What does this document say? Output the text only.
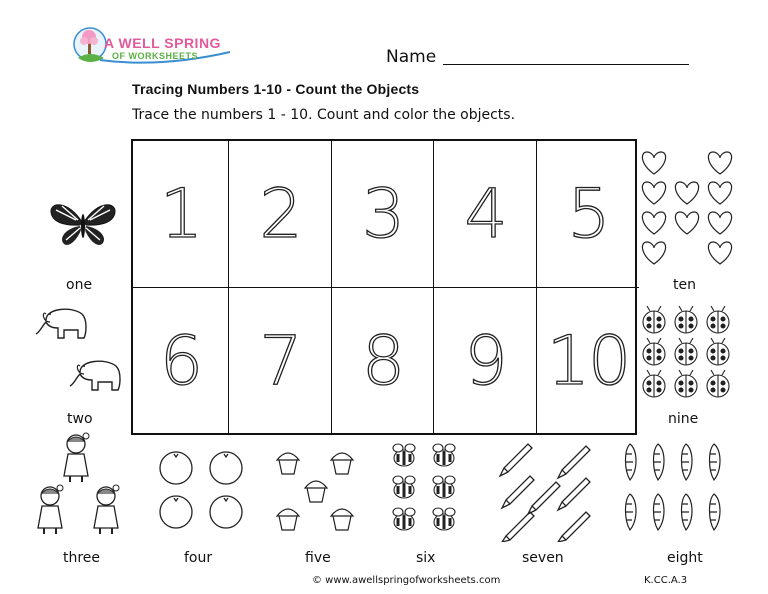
A WELL SPRING
OF WORKSHEETS	Name
Tracing Numbers 1-10 - Count the Objects
Trace the numbers 1 - 10. Count and color the objects.
1 2 3 4 5
6 7 8 9 10
one
two
three	four	five	six	seven	eight
nine
ten
© www.awellspringofworksheets.com	K.CC.A.3
